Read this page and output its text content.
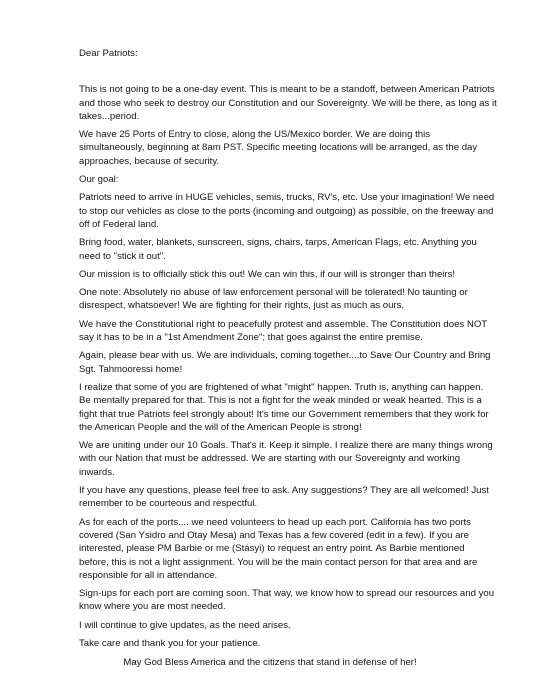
Dear Patriots:

This is not going to be a one-day event. This is meant to be a standoff, between American Patriots and those who seek to destroy our Constitution and our Sovereignty. We will be there, as long as it takes...period.

We have 25 Ports of Entry to close, along the US/Mexico border. We are doing this simultaneously, beginning at 8am PST. Specific meeting locations will be arranged, as the day approaches, because of security.

Our goal:

Patriots need to arrive in HUGE vehicles, semis, trucks, RV's, etc. Use your imagination! We need to stop our vehicles as close to the ports (incoming and outgoing) as possible, on the freeway and off of Federal land.

Bring food, water, blankets, sunscreen, signs, chairs, tarps, American Flags, etc. Anything you need to "stick it out".

Our mission is to officially stick this out! We can win this, if our will is stronger than theirs!

One note: Absolutely no abuse of law enforcement personal will be tolerated! No taunting or disrespect, whatsoever! We are fighting for their rights, just as much as ours.

We have the Constitutional right to peacefully protest and assemble. The Constitution does NOT say it has to be in a "1st Amendment Zone"; that goes against the entire premise.

Again, please bear with us. We are individuals, coming together....to Save Our Country and Bring Sgt. Tahmooressi home!

I realize that some of you are frightened of what "might" happen. Truth is, anything can happen. Be mentally prepared for that. This is not a fight for the weak minded or weak hearted. This is a fight that true Patriots feel strongly about! It's time our Government remembers that they work for the American People and the will of the American People is strong!

We are uniting under our 10 Goals. That's it. Keep it simple. I realize there are many things wrong with our Nation that must be addressed. We are starting with our Sovereignty and working inwards.

If you have any questions, please feel free to ask. Any suggestions? They are all welcomed! Just remember to be courteous and respectful.

As for each of the ports.... we need volunteers to head up each port. California has two ports covered (San Ysidro and Otay Mesa) and Texas has a few covered (edit in a few). If you are interested, please PM Barbie or me (Stasyi) to request an entry point. As Barbie mentioned before, this is not a light assignment. You will be the main contact person for that area and are responsible for all in attendance.

Sign-ups for each port are coming soon. That way, we know how to spread our resources and you know where you are most needed.

I will continue to give updates, as the need arises.

Take care and thank you for your patience.

May God Bless America and the citizens that stand in defense of her!
